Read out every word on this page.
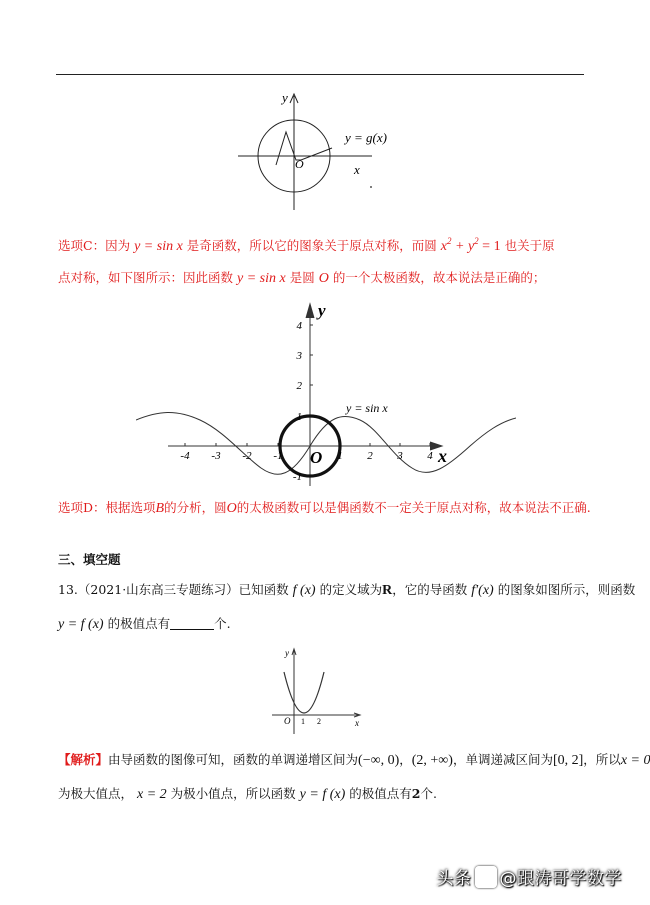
y
x
O
y = g(x)
选项C：因为 y = sin x 是奇函数，所以它的图象关于原点对称，而圆 $x^2 + y^2 = 1$ 也关于原
点对称，如下图所示：因此函数 y = sin x 是圆 O 的一个太极函数，故本说法是正确的；
y
x
O
y = sin x
4
3
2
1
-1
-4 -3 -2 -1	1 2 3 4
选项D：根据选项B的分析，圆O的太极函数可以是偶函数不一定关于原点对称，故本说法不正确.
三、填空题
13.（2021·山东高三专题练习）已知函数 f (x) 的定义域为R，它的导函数 f′(x) 的图象如图所示，则函数
y = f (x) 的极值点有	个.
y
x
O 1 2
【解析】由导函数的图像可知，函数的单调递增区间为(−∞, 0)，(2, +∞)，单调递减区间为[0, 2]，所以x = 0
为极大值点， x = 2 为极小值点，所以函数 y = f (x) 的极值点有2个.
头条 @跟涛哥学数学
